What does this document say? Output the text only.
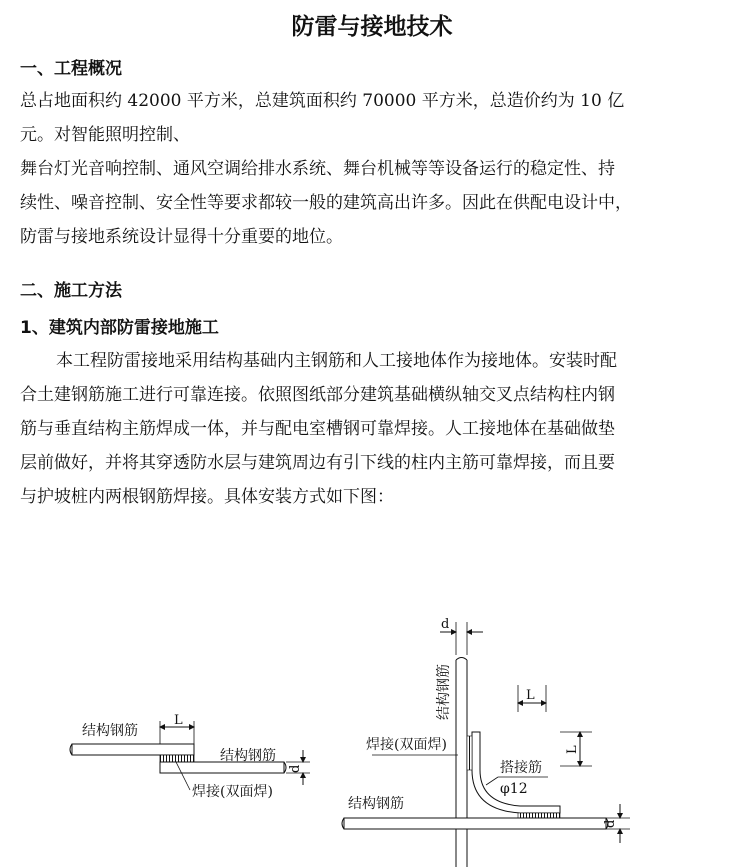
防雷与接地技术
一、工程概况
总占地面积约 42000 平方米，总建筑面积约 70000 平方米，总造价约为 10 亿
元。对智能照明控制、
舞台灯光音响控制、通风空调给排水系统、舞台机械等等设备运行的稳定性、持
续性、噪音控制、安全性等要求都较一般的建筑高出许多。因此在供配电设计中，
防雷与接地系统设计显得十分重要的地位。
二、施工方法
1、建筑内部防雷接地施工
本工程防雷接地采用结构基础内主钢筋和人工接地体作为接地体。安装时配
合土建钢筋施工进行可靠连接。依照图纸部分建筑基础横纵轴交叉点结构柱内钢
筋与垂直结构主筋焊成一体，并与配电室槽钢可靠焊接。人工接地体在基础做垫
层前做好，并将其穿透防水层与建筑周边有引下线的柱内主筋可靠焊接，而且要
与护坡桩内两根钢筋焊接。具体安装方式如下图：
结构钢筋
结构钢筋
L
d
焊接(双面焊)
d
结构钢筋
结构钢筋
焊接(双面焊)
搭接筋
φ12
L
L
d
